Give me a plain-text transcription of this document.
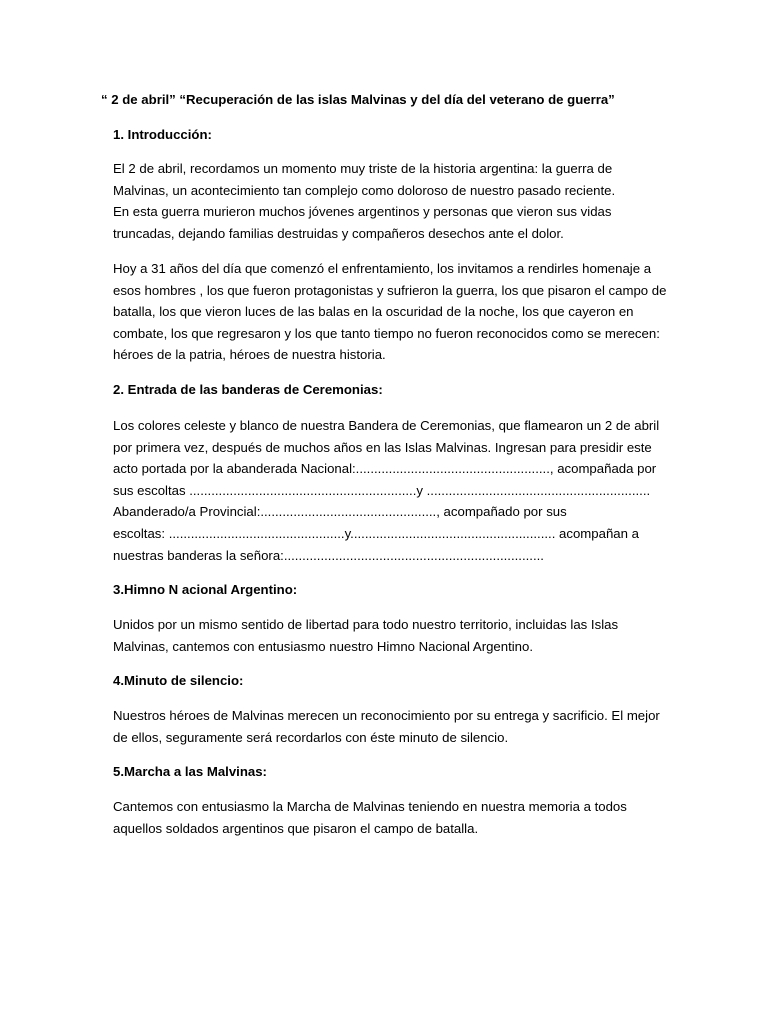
“ 2 de abril” “Recuperación de las islas Malvinas y del día del veterano de guerra”

1. Introducción:

El 2 de abril, recordamos un momento muy triste de la historia argentina: la guerra de
Malvinas, un acontecimiento tan complejo como doloroso de nuestro pasado reciente.
En esta guerra murieron muchos jóvenes argentinos y personas que vieron sus vidas
truncadas, dejando familias destruidas y compañeros desechos ante el dolor.
Hoy a 31 años del día que comenzó el enfrentamiento, los invitamos a rendirles homenaje a
esos hombres , los que fueron protagonistas y sufrieron la guerra, los que pisaron el campo de
batalla, los que vieron luces de las balas en la oscuridad de la noche, los que cayeron en
combate, los que regresaron y los que tanto tiempo no fueron reconocidos como se merecen:
héroes de la patria, héroes de nuestra historia.

2. Entrada de las banderas de Ceremonias:

Los colores celeste y blanco de nuestra Bandera de Ceremonias, que flamearon un 2 de abril
por primera vez, después de muchos años en las Islas Malvinas. Ingresan para presidir este
acto portada por la abanderada Nacional:....................................................., acompañada por
sus escoltas ..............................................................y .............................................................
Abanderado/a Provincial:................................................, acompañado por sus
escoltas: ................................................y........................................................ acompañan a
nuestras banderas la señora:.......................................................................

3.Himno N acional Argentino:

Unidos por un mismo sentido de libertad para todo nuestro territorio, incluidas las Islas
Malvinas, cantemos con entusiasmo nuestro Himno Nacional Argentino.

4.Minuto de silencio:

Nuestros héroes de Malvinas merecen un reconocimiento por su entrega y sacrificio. El mejor
de ellos, seguramente será recordarlos con éste minuto de silencio.

5.Marcha a las Malvinas:

Cantemos con entusiasmo la Marcha de Malvinas teniendo en nuestra memoria a todos
aquellos soldados argentinos que pisaron el campo de batalla.
